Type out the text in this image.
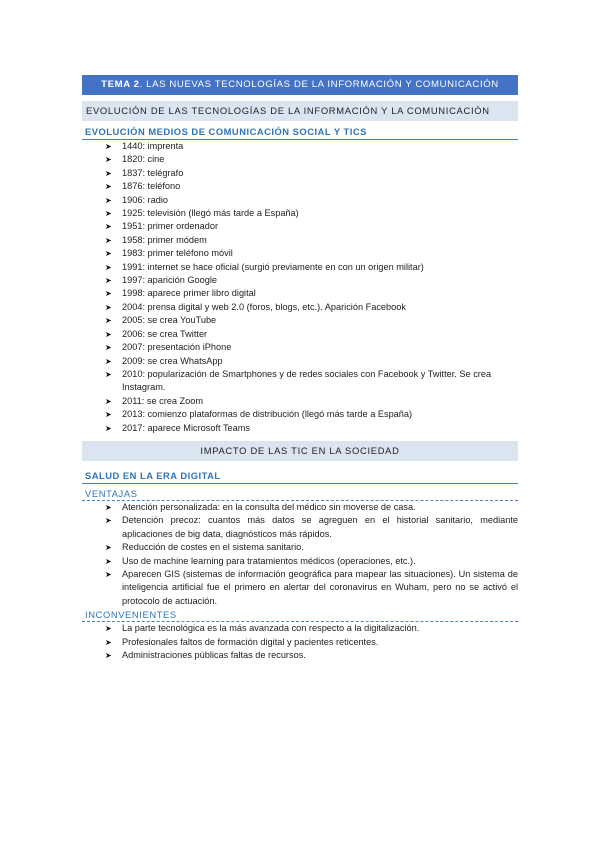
TEMA 2. LAS NUEVAS TECNOLOGÍAS DE LA INFORMACIÓN Y COMUNICACIÓN
EVOLUCIÓN DE LAS TECNOLOGÍAS DE LA INFORMACIÓN Y LA COMUNICACIÓN
EVOLUCIÓN MEDIOS DE COMUNICACIÓN SOCIAL Y TICS
➤ 1440: imprenta
➤ 1820: cine
➤ 1837: telégrafo
➤ 1876: teléfono
➤ 1906: radio
➤ 1925: televisión (llegó más tarde a España)
➤ 1951: primer ordenador
➤ 1958: primer módem
➤ 1983: primer teléfono móvil
➤ 1991: internet se hace oficial (surgió previamente en con un origen militar)
➤ 1997: aparición Google
➤ 1998: aparece primer libro digital
➤ 2004: prensa digital y web 2.0 (foros, blogs, etc.). Aparición Facebook
➤ 2005: se crea YouTube
➤ 2006: se crea Twitter
➤ 2007: presentación iPhone
➤ 2009: se crea WhatsApp
➤ 2010: popularización de Smartphones y de redes sociales con Facebook y Twitter. Se crea Instagram.
➤ 2011: se crea Zoom
➤ 2013: comienzo plataformas de distribución (llegó más tarde a España)
➤ 2017: aparece Microsoft Teams
IMPACTO DE LAS TIC EN LA SOCIEDAD
SALUD EN LA ERA DIGITAL
VENTAJAS
➤ Atención personalizada: en la consulta del médico sin moverse de casa.
➤ Detención precoz: cuantos más datos se agreguen en el historial sanitario, mediante aplicaciones de big data, diagnósticos más rápidos.
➤ Reducción de costes en el sistema sanitario.
➤ Uso de machine learning para tratamientos médicos (operaciones, etc.).
➤ Aparecen GIS (sistemas de información geográfica para mapear las situaciones). Un sistema de inteligencia artificial fue el primero en alertar del coronavirus en Wuham, pero no se activó el protocolo de actuación.
INCONVENIENTES
➤ La parte tecnológica es la más avanzada con respecto a la digitalización.
➤ Profesionales faltos de formación digital y pacientes reticentes.
➤ Administraciones públicas faltas de recursos.
